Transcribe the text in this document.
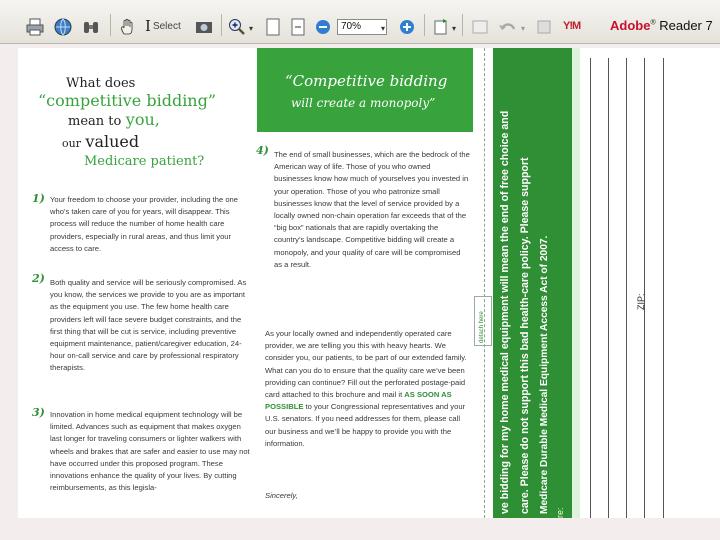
I Select	▾	70%	▾	▾	▾	Y!M Adobe® Reader 7
What does
“competitive bidding”
mean to you,
our valued
Medicare patient?
1) Your freedom to choose your provider, including the one who’s taken care of you for years, will disappear. This process will reduce the number of home health care providers, especially in rural areas, and thus limit your access to care.
2) Both quality and service will be seriously compromised. As you know, the services we provide to you are as important as the equipment you use. The few home health care providers left will face severe budget constraints, and the first thing that will be cut is service, including preventive equipment maintenance, patient/caregiver education, 24-hour on-call service and care by professional respiratory therapists.
3) Innovation in home medical equipment technology will be limited. Advances such as equipment that makes oxygen last longer for traveling consumers or lighter walkers with wheels and brakes that are safer and easier to use may not have occurred under this proposed program. These innovations enhance the quality of your lives. By cutting reimbursements, as this legisla-
“Competitive bidding
will create a monopoly”
4) The end of small businesses, which are the bedrock of the American way of life. Those of you who owned businesses know how much of yourselves you invested in your operation. Those of you who patronize small businesses know that the level of service provided by a locally owned non-chain operation far exceeds that of the “big box” nationals that are rapidly overtaking the country’s landscape. Competitive bidding will create a monopoly, and your quality of care will be compromised as a result.
As your locally owned and independently operated care provider, we are telling you this with heavy hearts. We consider you, our patients, to be part of our extended family. What can you do to ensure that the quality care we’ve been providing can continue? Fill out the perforated postage-paid card attached to this brochure and mail it AS SOON AS POSSIBLE to your Congressional representatives and your U.S. senators. If you need addresses for them, please call our business and we’ll be happy to provide you with the information.
Sincerely,
detach here ve bidding for my home medical equipment will mean the end of free choice and care. Please do not support this bad health-care policy. Please support Medicare Durable Medical Equipment Access Act of 2007. re:
ZIP:
